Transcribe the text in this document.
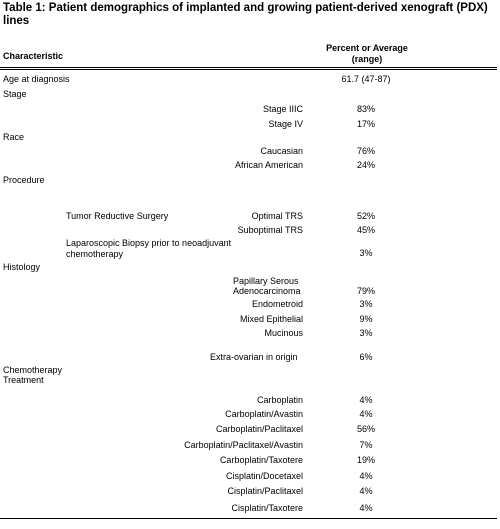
Table 1: Patient demographics of implanted and growing patient-derived xenograft (PDX) lines
Characteristic
Percent or Average
(range)
Age at diagnosis	61.7 (47-87)
Stage
Stage IIIC	83%
Stage IV	17%
Race
Caucasian	76%
African American	24%
Procedure
Tumor Reductive Surgery	Optimal TRS	52%
Suboptimal TRS	45%
Laparoscopic Biopsy prior to neoadjuvant chemotherapy	3%
Histology
Papillary Serous
Adenocarcinoma	79%
Endometroid	3%
Mixed Epithelial	9%
Mucinous	3%
Extra-ovarian in origin	6%
Chemotherapy
Treatment
Carboplatin	4%
Carboplatin/Avastin	4%
Carboplatin/Paclitaxel	56%
Carboplatin/Paclitaxel/Avastin	7%
Carboplatin/Taxotere	19%
Cisplatin/Docetaxel	4%
Cisplatin/Paclitaxel	4%
Cisplatin/Taxotere	4%
